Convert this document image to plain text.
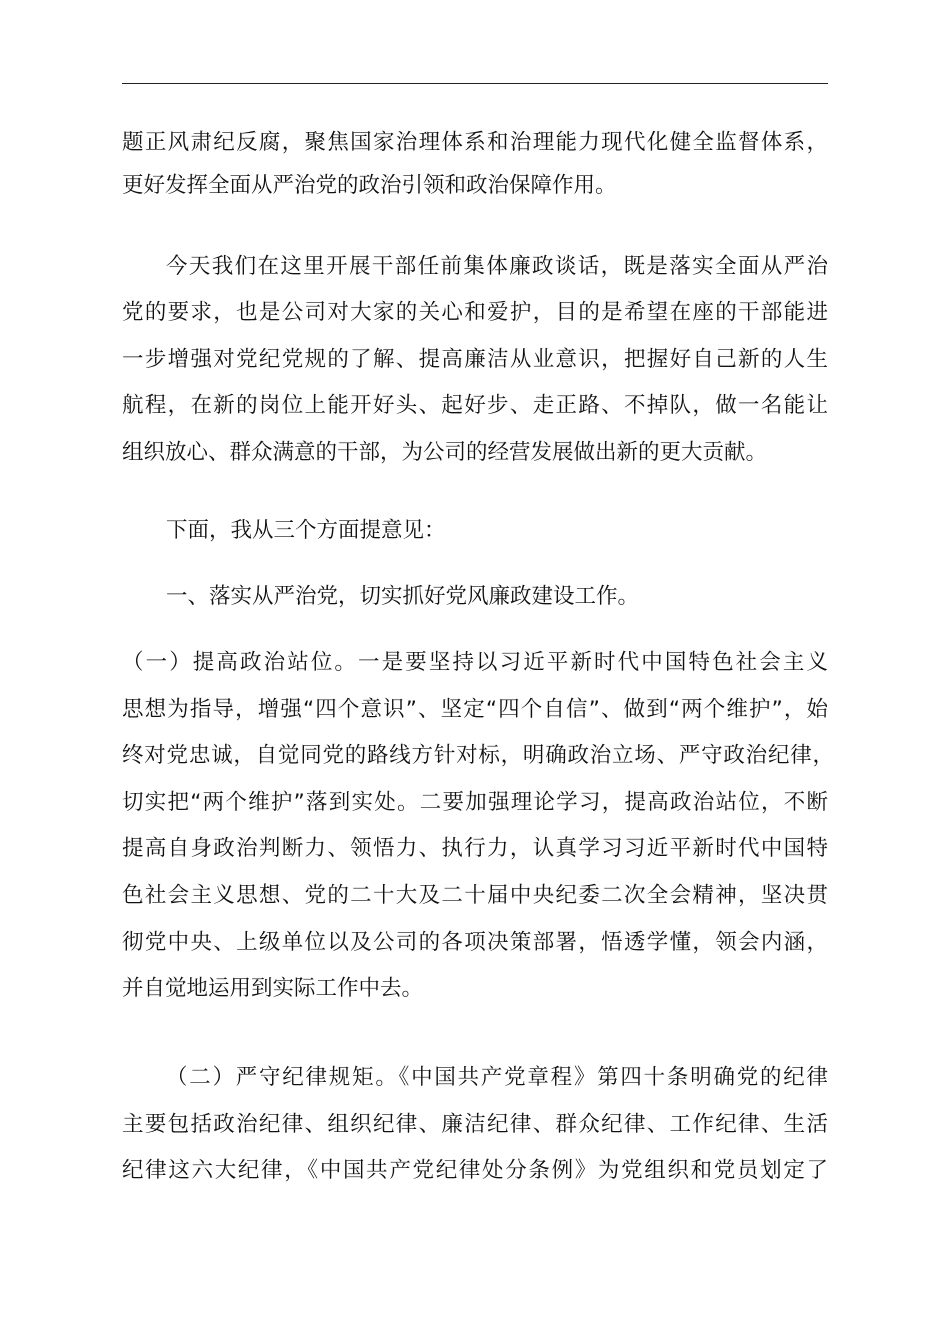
题正风肃纪反腐，聚焦国家治理体系和治理能力现代化健全监督体系，
更好发挥全面从严治党的政治引领和政治保障作用。
今天我们在这里开展干部任前集体廉政谈话，既是落实全面从严治
党的要求，也是公司对大家的关心和爱护，目的是希望在座的干部能进
一步增强对党纪党规的了解、提高廉洁从业意识，把握好自己新的人生
航程，在新的岗位上能开好头、起好步、走正路、不掉队，做一名能让
组织放心、群众满意的干部，为公司的经营发展做出新的更大贡献。
下面，我从三个方面提意见：
一、落实从严治党，切实抓好党风廉政建设工作。
（一）提高政治站位。一是要坚持以习近平新时代中国特色社会主义
思想为指导，增强“四个意识”、坚定“四个自信”、做到“两个维护”，始
终对党忠诚，自觉同党的路线方针对标，明确政治立场、严守政治纪律，
切实把“两个维护”落到实处。二要加强理论学习，提高政治站位，不断
提高自身政治判断力、领悟力、执行力，认真学习习近平新时代中国特
色社会主义思想、党的二十大及二十届中央纪委二次全会精神，坚决贯
彻党中央、上级单位以及公司的各项决策部署，悟透学懂，领会内涵，
并自觉地运用到实际工作中去。
（二）严守纪律规矩。《中国共产党章程》第四十条明确党的纪律
主要包括政治纪律、组织纪律、廉洁纪律、群众纪律、工作纪律、生活
纪律这六大纪律，《中国共产党纪律处分条例》为党组织和党员划定了
